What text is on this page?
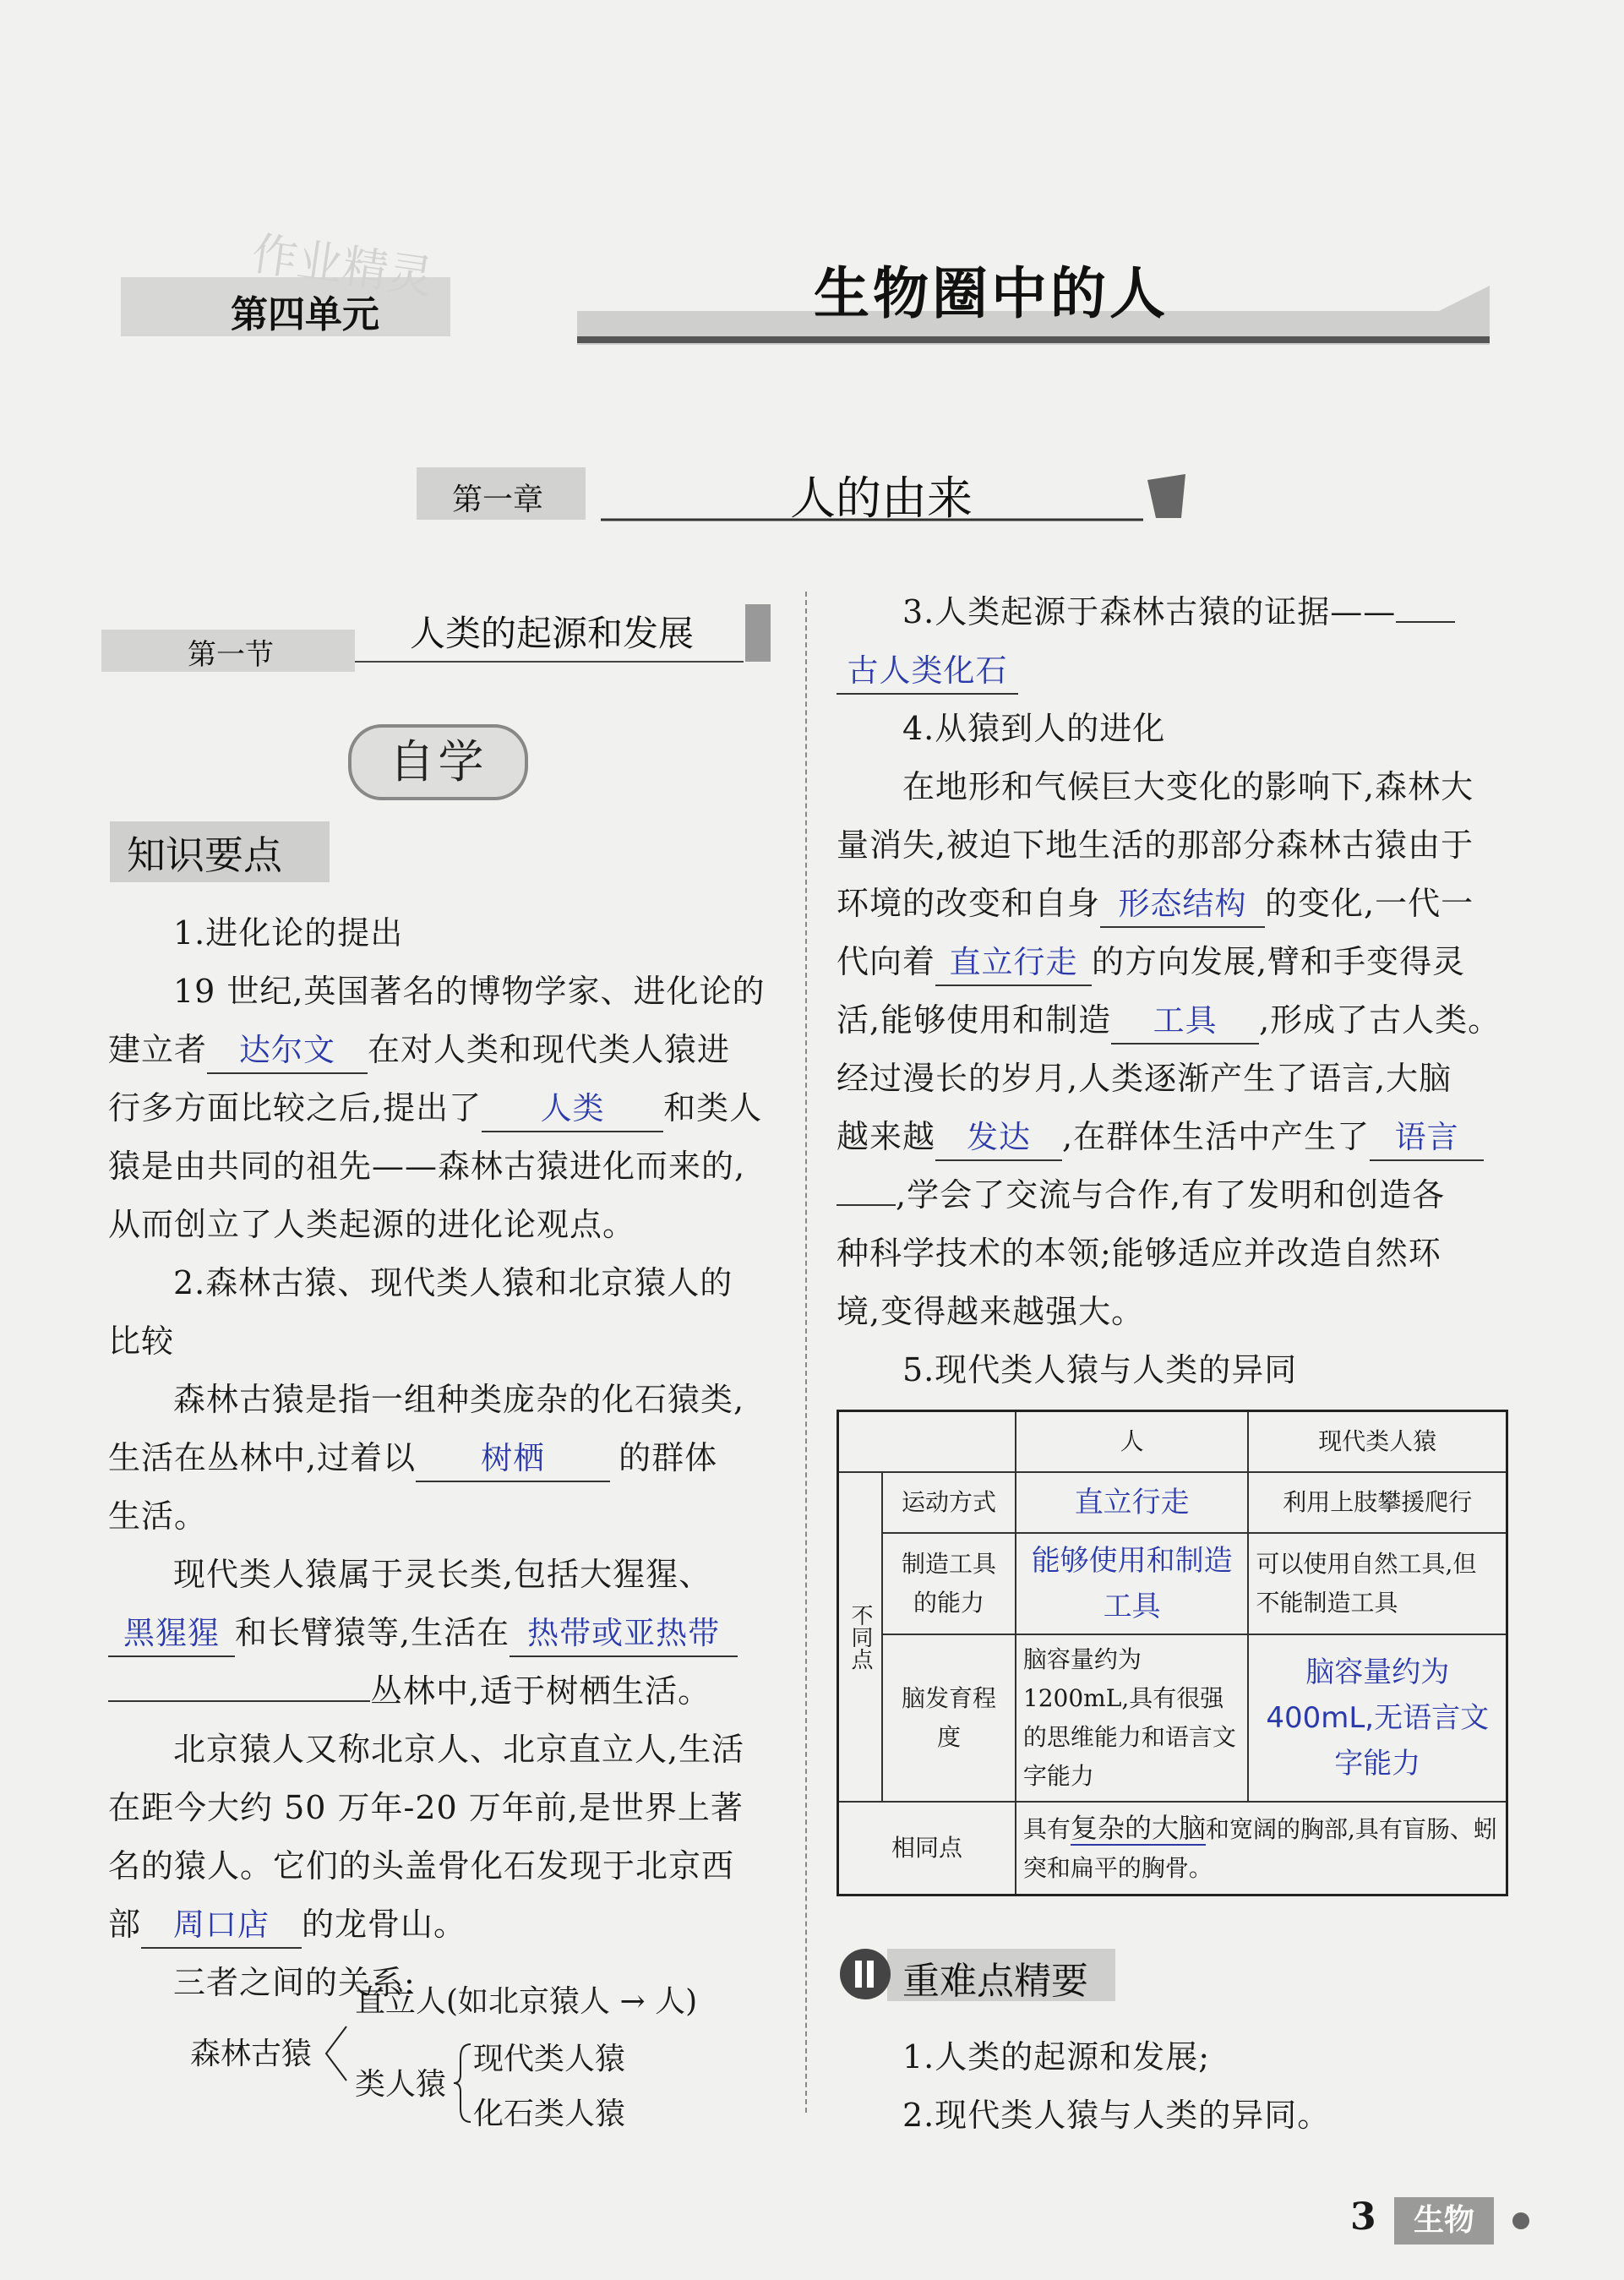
第四单元	生物圈中的人
作业精灵
第一章	人的由来
第一节
人类的起源和发展
自学
知识要点
1.进化论的提出
19 世纪,英国著名的博物学家、进化论的
建立者 达尔文 在对人类和现代类人猿进
行多方面比较之后,提出了 人类 和类人
猿是由共同的祖先——森林古猿进化而来的,
从而创立了人类起源的进化论观点。
2.森林古猿、现代类人猿和北京猿人的
比较
森林古猿是指一组种类庞杂的化石猿类,
生活在丛林中,过着以 树栖 的群体
生活。
现代类人猿属于灵长类,包括大猩猩、
黑猩猩 和长臂猿等,生活在 热带或亚热带
丛林中,适于树栖生活。
北京猿人又称北京人、北京直立人,生活
在距今大约 50 万年-20 万年前,是世界上著
名的猿人。它们的头盖骨化石发现于北京西
部 周口店 的龙骨山。
三者之间的关系:
森林古猿
直立人(如北京猿人 → 人)
类人猿
现代类人猿
化石类人猿
3.人类起源于森林古猿的证据——
古人类化石
4.从猿到人的进化
在地形和气候巨大变化的影响下,森林大
量消失,被迫下地生活的那部分森林古猿由于
环境的改变和自身 形态结构 的变化,一代一
代向着 直立行走 的方向发展,臂和手变得灵
活,能够使用和制造 工具 ,形成了古人类。
经过漫长的岁月,人类逐渐产生了语言,大脑
越来越 发达 ,在群体生活中产生了 语言
,学会了交流与合作,有了发明和创造各
种科学技术的本领;能够适应并改造自然环
境,变得越来越强大。
5.现代类人猿与人类的异同
		人	现代类人猿
不同点	运动方式	直立行走	利用上肢攀援爬行
	制造工具的能力	能够使用和制造工具	可以使用自然工具,但不能制造工具
	脑发育程度	脑容量约为1200mL,具有很强的思维能力和语言文字能力	脑容量约为400mL,无语言文字能力
相同点		具有复杂的大脑和宽阔的胸部,具有盲肠、蚓突和扁平的胸骨。	
重难点精要
1.人类的起源和发展;
2.现代类人猿与人类的异同。
3	生物
